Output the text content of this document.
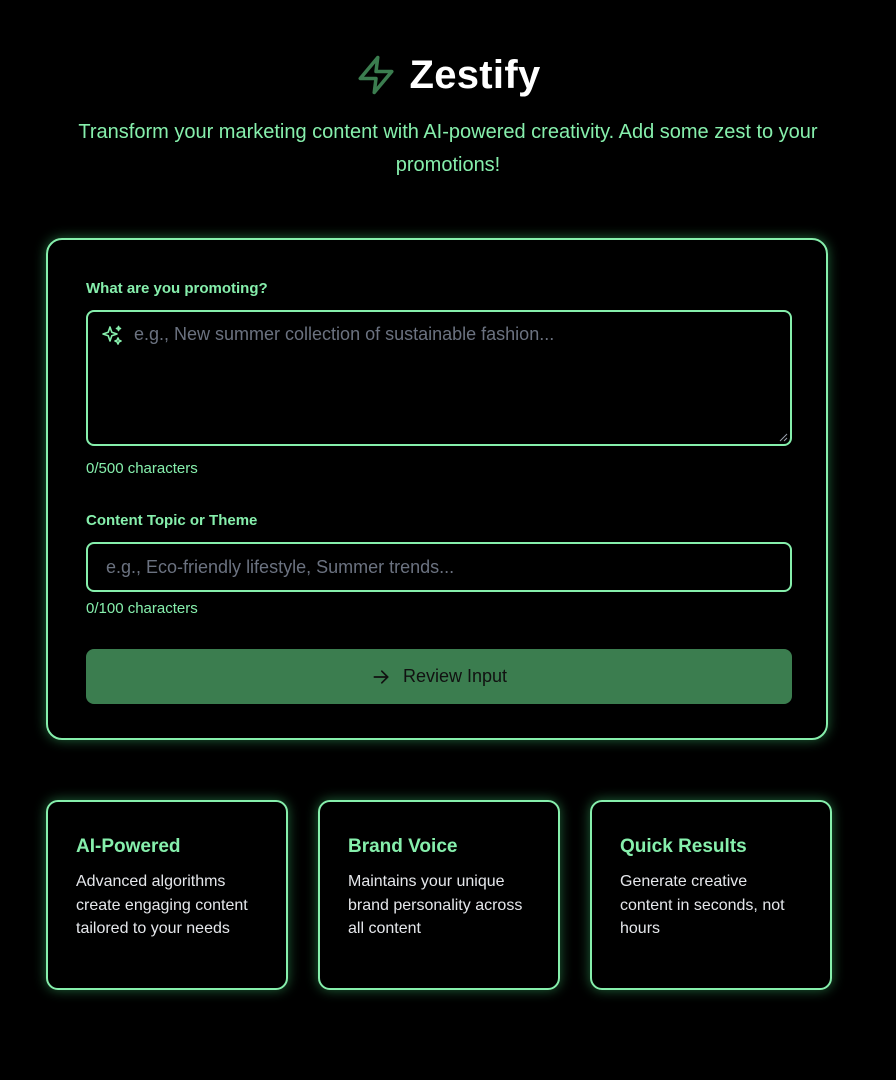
Zestify

Transform your marketing content with AI-powered creativity. Add some zest to your promotions!

What are you promoting?
e.g., New summer collection of sustainable fashion...
0/500 characters
Content Topic or Theme
e.g., Eco-friendly lifestyle, Summer trends...
0/100 characters
Review Input
AI-Powered

Advanced algorithms create engaging content tailored to your needs

Brand Voice

Maintains your unique brand personality across all content

Quick Results

Generate creative content in seconds, not hours
